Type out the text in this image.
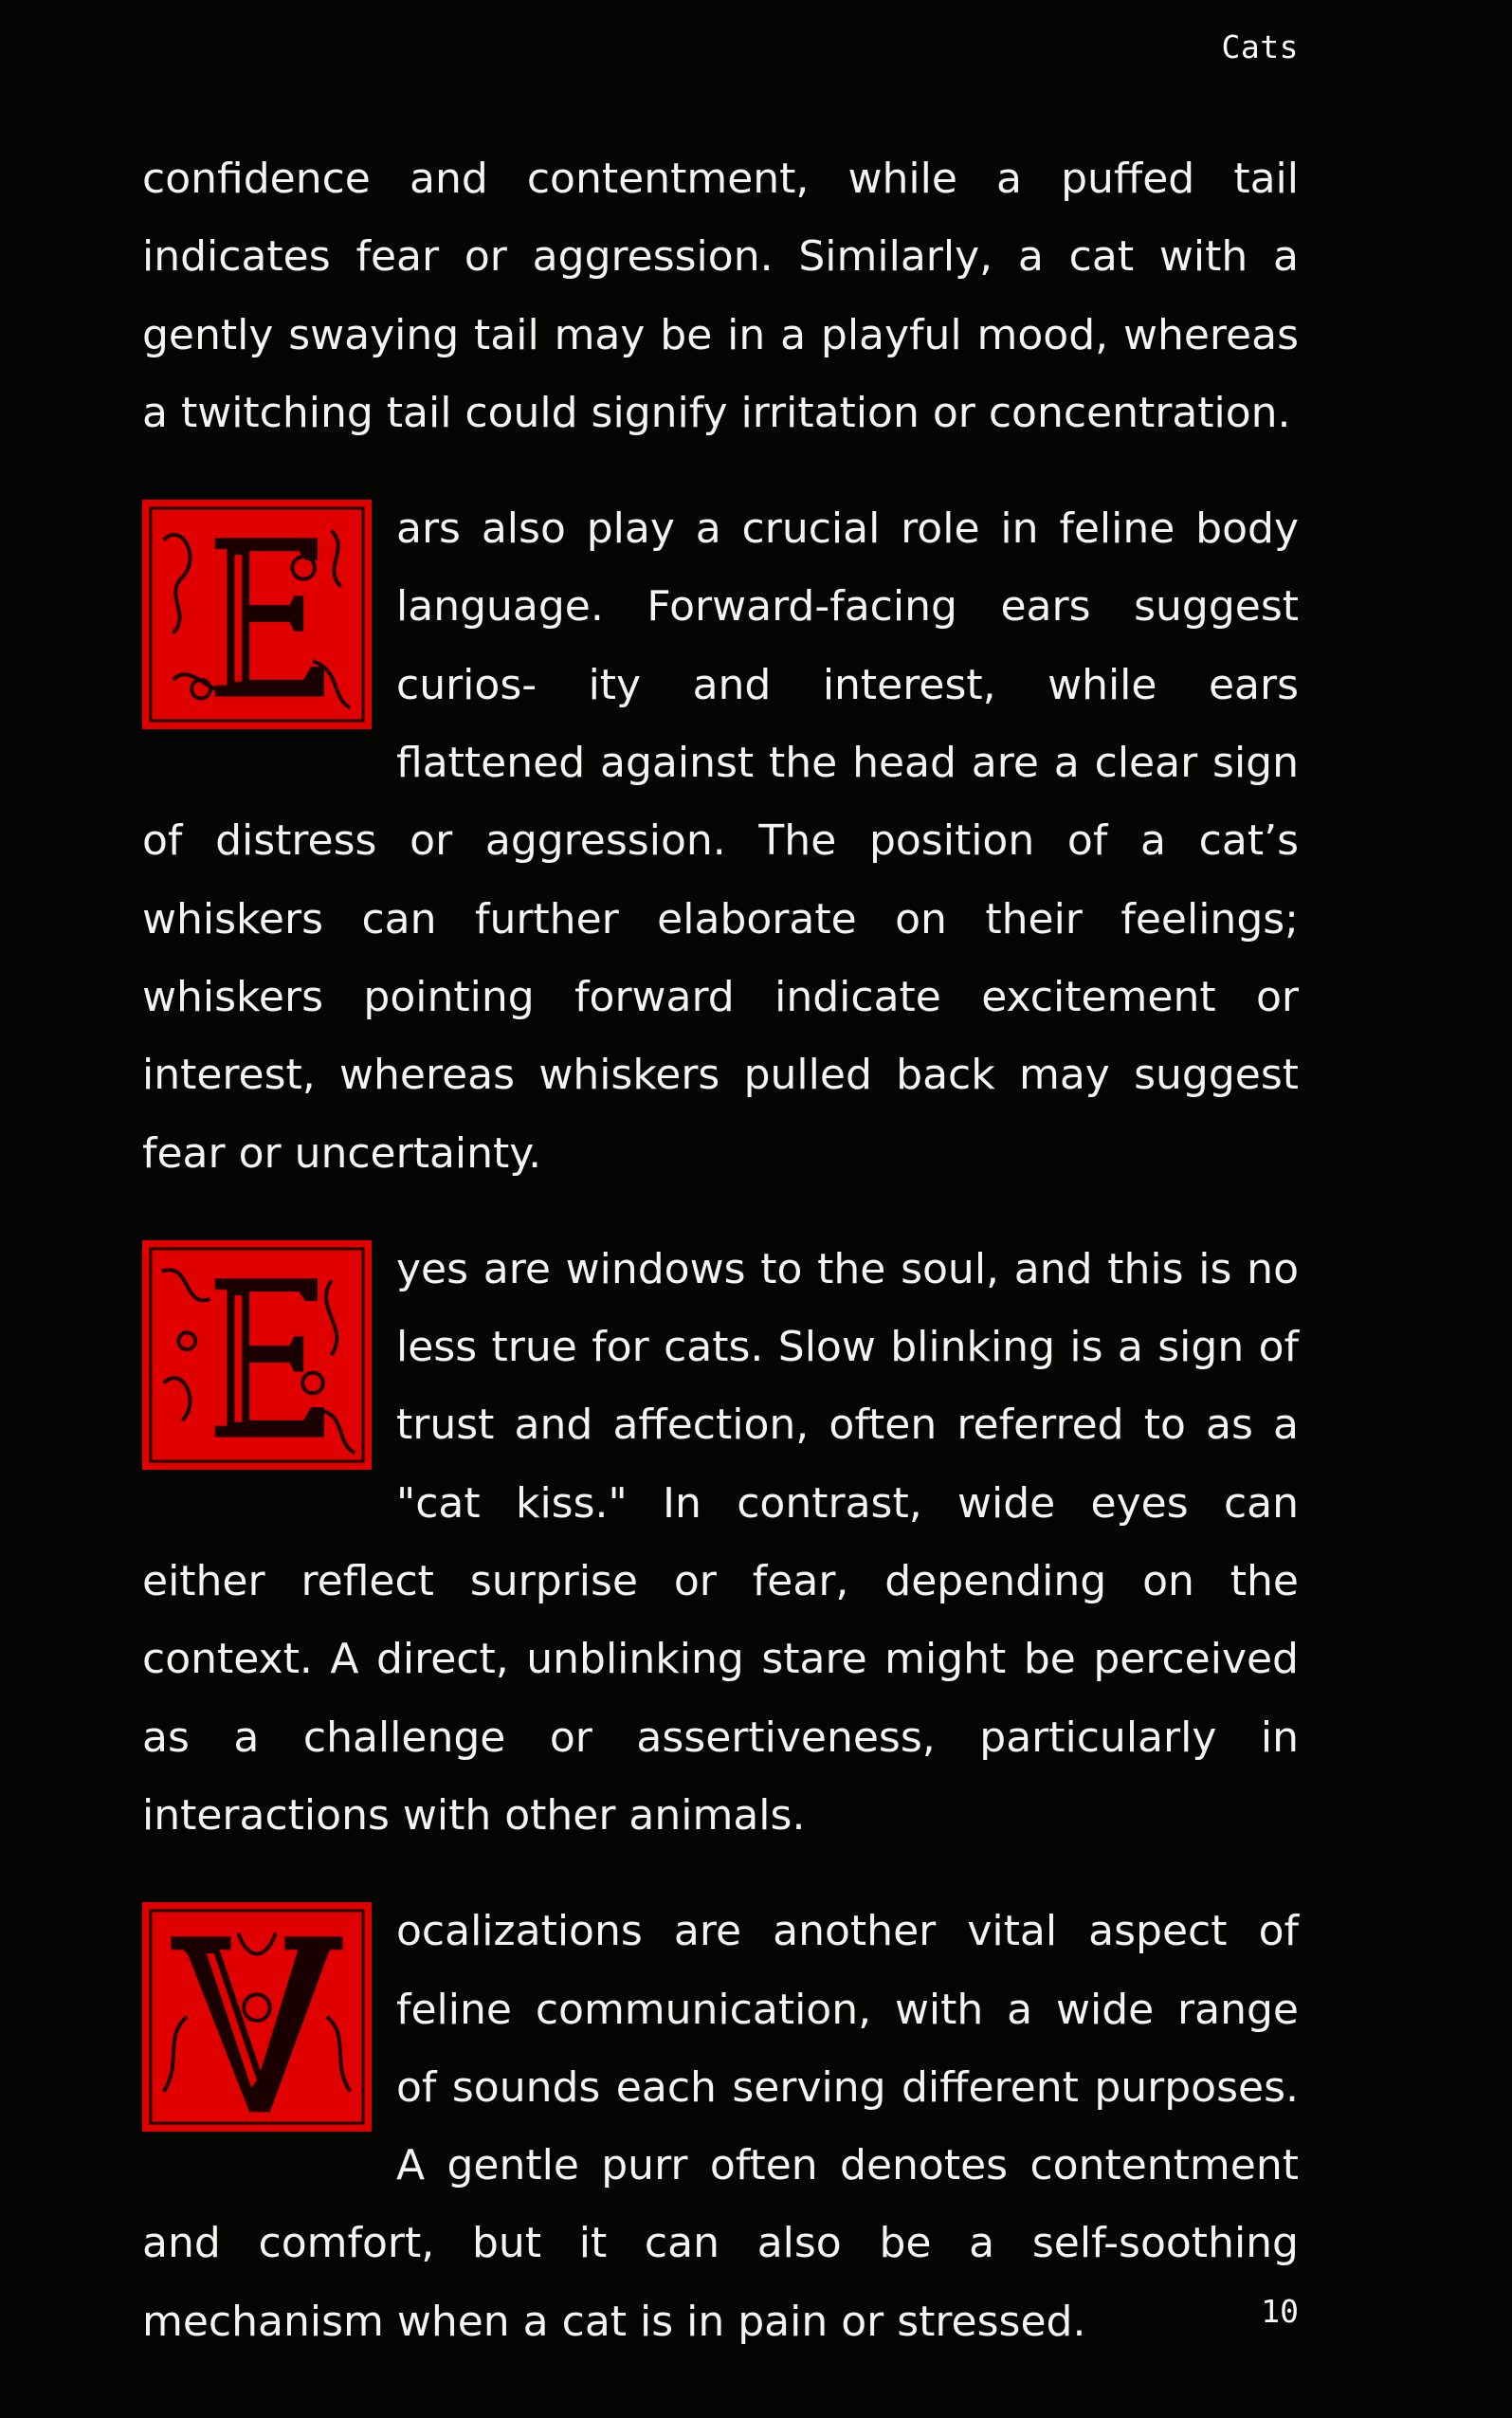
Cats

confidence and contentment, while a puffed tail indicates fear or aggression. Similarly, a cat with a gently swaying tail may be in a playful mood, whereas a twitching tail could signify irritation or concentration.

ars also play a crucial role in feline body language. Forward-facing ears suggest curios- ity and interest, while ears flattened against the head are a clear sign of distress or aggression. The position of a cat’s whiskers can further elaborate on their feelings; whiskers pointing forward indicate excitement or interest, whereas whiskers pulled back may suggest fear or uncertainty.

yes are windows to the soul, and this is no less true for cats. Slow blinking is a sign of trust and affection, often referred to as a "cat kiss." In contrast, wide eyes can either reflect surprise or fear, depending on the context. A direct, unblinking stare might be perceived as a challenge or assertiveness, particularly in interactions with other animals.

ocalizations are another vital aspect of feline communication, with a wide range of sounds each serving different purposes. A gentle purr often denotes contentment and comfort, but it can also be a self-soothing mechanism when a cat is in pain or stressed.	10
